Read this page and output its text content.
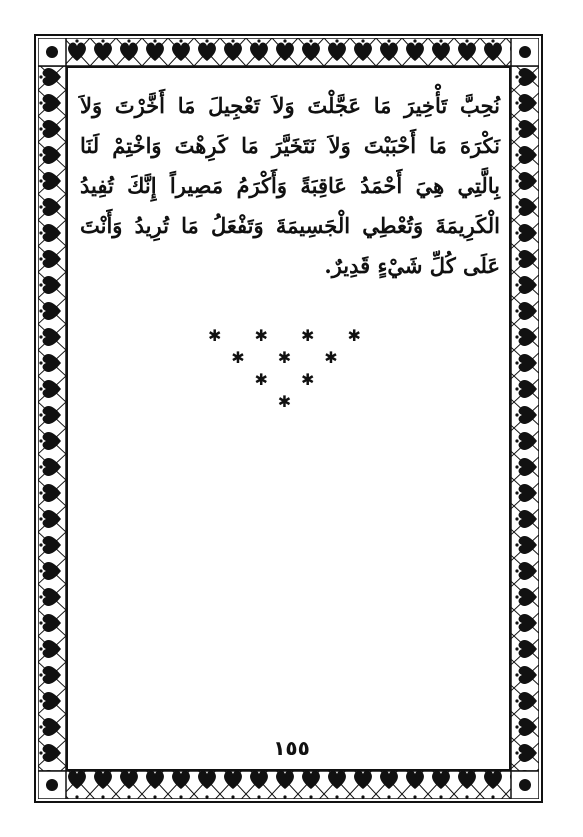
نُحِبَّ تَأْخِيرَ مَا عَجَّلْتَ وَلاَ تَعْجِيلَ مَا أَخَّرْتَ وَلاَ
نَكْرَهَ مَا أَحْبَبْتَ وَلاَ نَتَخَيَّرَ مَا كَرِهْتَ وَاخْتِمْ لَنَا
بِالَّتِي هِيَ أَحْمَدُ عَاقِبَةً وَأَكْرَمُ مَصِيراً إِنَّكَ تُفِيدُ
الْكَرِيمَةَ وَتُعْطِي الْجَسِيمَةَ وَتَفْعَلُ مَا تُرِيدُ وَأَنْتَ
عَلَى كُلِّ شَيْءٍ قَدِيرٌ.
✱ ✱ ✱ ✱
✱ ✱ ✱
✱ ✱
✱
١٥٥
